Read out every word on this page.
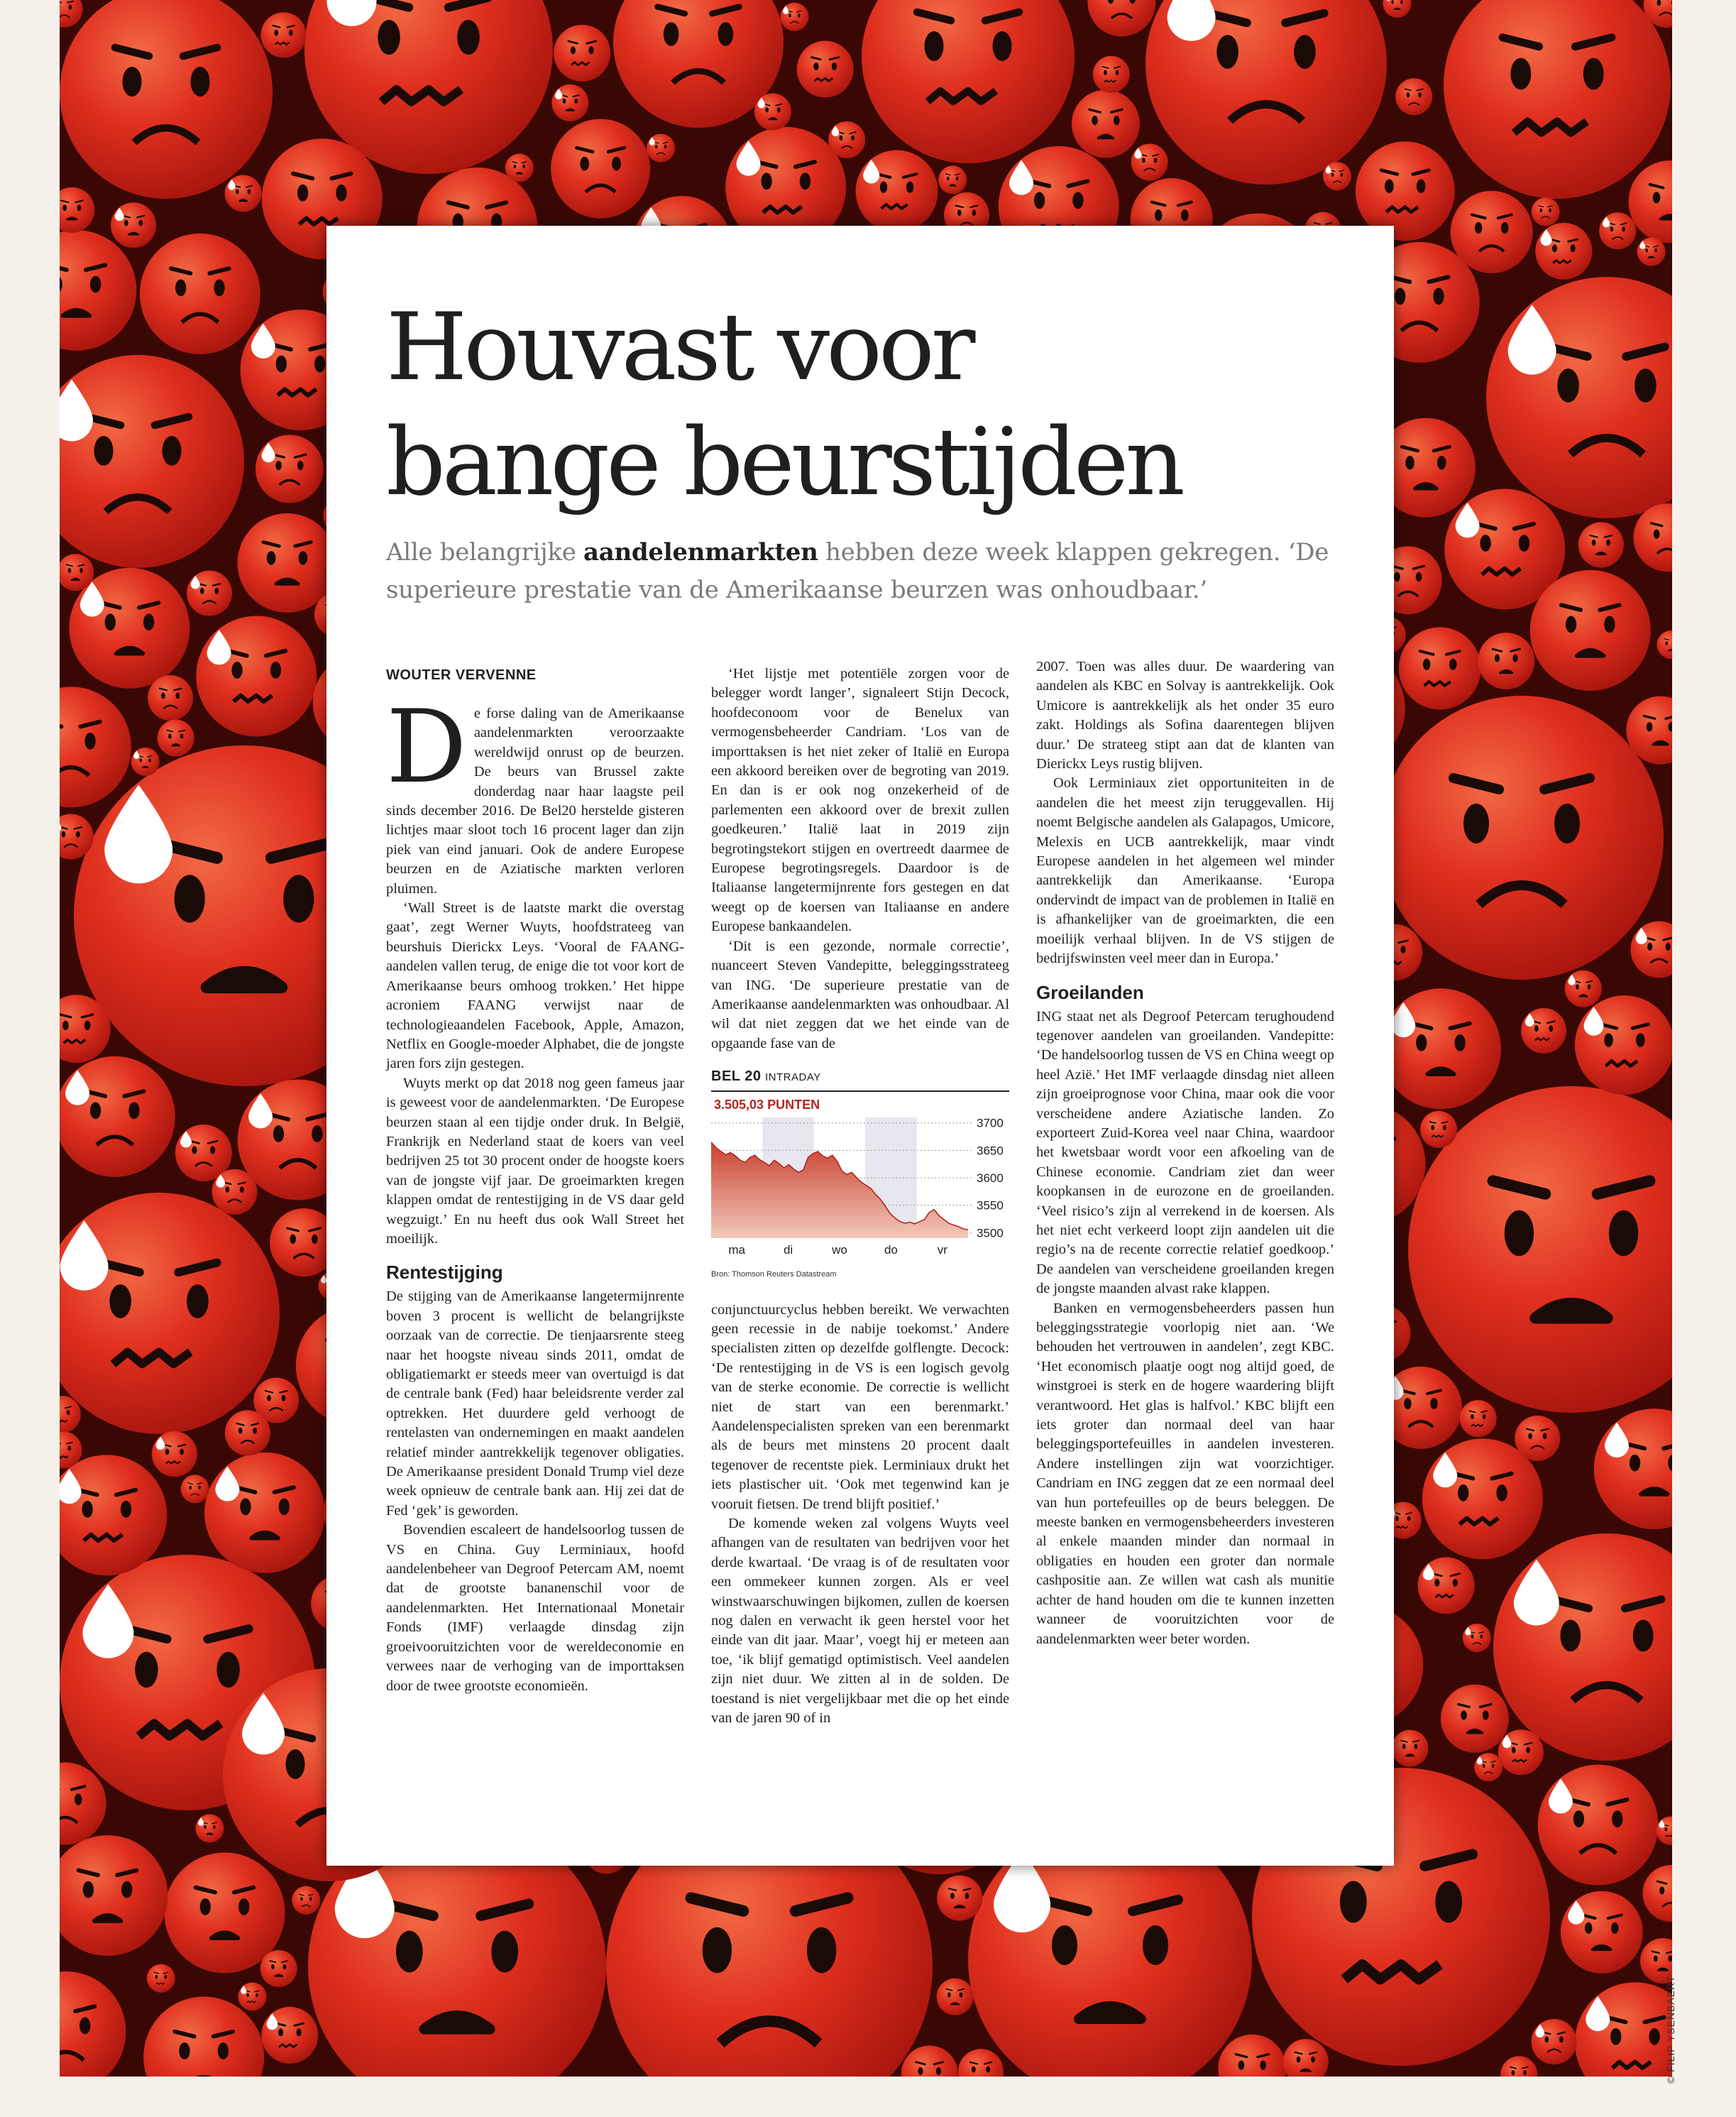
© FILIP YSENBAERT
Houvast voor
bange beurstijden

Alle belangrijke aandelenmarkten hebben deze week klappen gekregen. ‘De superieure prestatie van de Amerikaanse beurzen was onhoudbaar.’

WOUTER VERVENNE

De forse daling van de Amerikaanse aandelenmarkten veroorzaakte wereldwijd onrust op de beurzen. De beurs van Brussel zakte donderdag naar haar laagste peil sinds december 2016. De Bel20 herstelde gisteren lichtjes maar sloot toch 16 procent lager dan zijn piek van eind januari. Ook de andere Europese beurzen en de Aziatische markten verloren pluimen.

‘Wall Street is de laatste markt die overstag gaat’, zegt Werner Wuyts, hoofdstrateeg van beurshuis Dierickx Leys. ‘Vooral de FAANG-aandelen vallen terug, de enige die tot voor kort de Amerikaanse beurs omhoog trokken.’ Het hippe acroniem FAANG verwijst naar de technologieaandelen Facebook, Apple, Amazon, Netflix en Google-moeder Alphabet, die de jongste jaren fors zijn gestegen.

Wuyts merkt op dat 2018 nog geen fameus jaar is geweest voor de aandelenmarkten. ‘De Europese beurzen staan al een tijdje onder druk. In België, Frankrijk en Nederland staat de koers van veel bedrijven 25 tot 30 procent onder de hoogste koers van de jongste vijf jaar. De groeimarkten kregen klappen omdat de rentestijging in de VS daar geld wegzuigt.’ En nu heeft dus ook Wall Street het moeilijk.

Rentestijging

De stijging van de Amerikaanse langetermijnrente boven 3 procent is wellicht de belangrijkste oorzaak van de correctie. De tienjaarsrente steeg naar het hoogste niveau sinds 2011, omdat de obligatiemarkt er steeds meer van overtuigd is dat de centrale bank (Fed) haar beleidsrente verder zal optrekken. Het duurdere geld verhoogt de rentelasten van ondernemingen en maakt aandelen relatief minder aantrekkelijk tegenover obligaties. De Amerikaanse president Donald Trump viel deze week opnieuw de centrale bank aan. Hij zei dat de Fed ‘gek’ is geworden.

Bovendien escaleert de handelsoorlog tussen de VS en China. Guy Lerminiaux, hoofd aandelenbeheer van Degroof Petercam AM, noemt dat de grootste bananenschil voor de aandelenmarkten. Het Internationaal Monetair Fonds (IMF) verlaagde dinsdag zijn groeivooruitzichten voor de wereldeconomie en verwees naar de verhoging van de importtaksen door de twee grootste economieën.

‘Het lijstje met potentiële zorgen voor de belegger wordt langer’, signaleert Stijn Decock, hoofdeconoom voor de Benelux van vermogensbeheerder Candriam. ‘Los van de importtaksen is het niet zeker of Italië en Europa een akkoord bereiken over de begroting van 2019. En dan is er ook nog onzekerheid of de parlementen een akkoord over de brexit zullen goedkeuren.’ Italië laat in 2019 zijn begrotingstekort stijgen en overtreedt daarmee de Europese begrotingsregels. Daardoor is de Italiaanse langetermijnrente fors gestegen en dat weegt op de koersen van Italiaanse en andere Europese bankaandelen.

‘Dit is een gezonde, normale correctie’, nuanceert Steven Vandepitte, beleggingsstrateeg van ING. ‘De superieure prestatie van de Amerikaanse aandelenmarkten was onhoudbaar. Al wil dat niet zeggen dat we het einde van de opgaande fase van de

BEL 20 INTRADAY
3.505,03 PUNTEN
3700
3650
3600
3550
3500
ma	di	wo	do	vr
Bron: Thomson Reuters Datastream

conjunctuurcyclus hebben bereikt. We verwachten geen recessie in de nabije toekomst.’ Andere specialisten zitten op dezelfde golflengte. Decock: ‘De rentestijging in de VS is een logisch gevolg van de sterke economie. De correctie is wellicht niet de start van een berenmarkt.’ Aandelenspecialisten spreken van een berenmarkt als de beurs met minstens 20 procent daalt tegenover de recentste piek. Lerminiaux drukt het iets plastischer uit. ‘Ook met tegenwind kan je vooruit fietsen. De trend blijft positief.’

De komende weken zal volgens Wuyts veel afhangen van de resultaten van bedrijven voor het derde kwartaal. ‘De vraag is of de resultaten voor een ommekeer kunnen zorgen. Als er veel winstwaarschuwingen bijkomen, zullen de koersen nog dalen en verwacht ik geen herstel voor het einde van dit jaar. Maar’, voegt hij er meteen aan toe, ‘ik blijf gematigd optimistisch. Veel aandelen zijn niet duur. We zitten al in de solden. De toestand is niet vergelijkbaar met die op het einde van de jaren 90 of in

2007. Toen was alles duur. De waardering van aandelen als KBC en Solvay is aantrekkelijk. Ook Umicore is aantrekkelijk als het onder 35 euro zakt. Holdings als Sofina daarentegen blijven duur.’ De strateeg stipt aan dat de klanten van Dierickx Leys rustig blijven.

Ook Lerminiaux ziet opportuniteiten in de aandelen die het meest zijn teruggevallen. Hij noemt Belgische aandelen als Galapagos, Umicore, Melexis en UCB aantrekkelijk, maar vindt Europese aandelen in het algemeen wel minder aantrekkelijk dan Amerikaanse. ‘Europa ondervindt de impact van de problemen in Italië en is afhankelijker van de groeimarkten, die een moeilijk verhaal blijven. In de VS stijgen de bedrijfswinsten veel meer dan in Europa.’

Groeilanden

ING staat net als Degroof Petercam terughoudend tegenover aandelen van groeilanden. Vandepitte: ‘De handelsoorlog tussen de VS en China weegt op heel Azië.’ Het IMF verlaagde dinsdag niet alleen zijn groeiprognose voor China, maar ook die voor verscheidene andere Aziatische landen. Zo exporteert Zuid-Korea veel naar China, waardoor het kwetsbaar wordt voor een afkoeling van de Chinese economie. Candriam ziet dan weer koopkansen in de eurozone en de groeilanden. ‘Veel risico’s zijn al verrekend in de koersen. Als het niet echt verkeerd loopt zijn aandelen uit die regio’s na de recente correctie relatief goedkoop.’ De aandelen van verscheidene groeilanden kregen de jongste maanden alvast rake klappen.

Banken en vermogensbeheerders passen hun beleggingsstrategie voorlopig niet aan. ‘We behouden het vertrouwen in aandelen’, zegt KBC. ‘Het economisch plaatje oogt nog altijd goed, de winstgroei is sterk en de hogere waardering blijft verantwoord. Het glas is halfvol.’ KBC blijft een iets groter dan normaal deel van haar beleggingsportefeuilles in aandelen investeren. Andere instellingen zijn wat voorzichtiger. Candriam en ING zeggen dat ze een normaal deel van hun portefeuilles op de beurs beleggen. De meeste banken en vermogensbeheerders investeren al enkele maanden minder dan normaal in obligaties en houden een groter dan normale cashpositie aan. Ze willen wat cash als munitie achter de hand houden om die te kunnen inzetten wanneer de vooruitzichten voor de aandelenmarkten weer beter worden.
